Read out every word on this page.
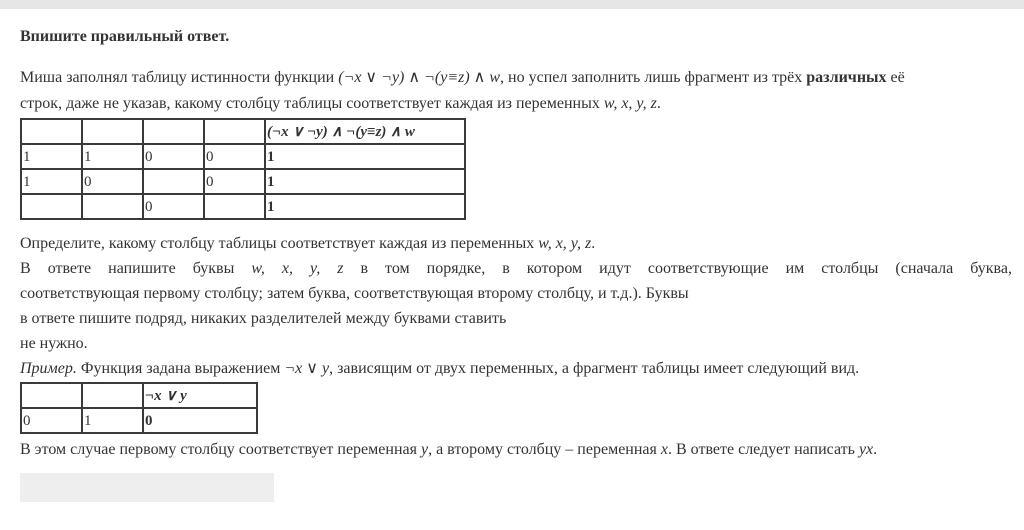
Впишите правильный ответ.
Миша заполнял таблицу истинности функции (¬x ∨ ¬y) ∧ ¬(y≡z) ∧ w, но успел заполнить лишь фрагмент из трёх различных её
строк, даже не указав, какому столбцу таблицы соответствует каждая из переменных w, x, y, z.
				(¬x ∨ ¬y) ∧ ¬(y≡z) ∧ w
1	1	0	0	1
1	0		0	1
		0		1
Определите, какому столбцу таблицы соответствует каждая из переменных w, x, y, z.
В ответе напишите буквы w, x, y, z в том порядке, в котором идут соответствующие им столбцы (сначала буква,
соответствующая первому столбцу; затем буква, соответствующая второму столбцу, и т.д.). Буквы
в ответе пишите подряд, никаких разделителей между буквами ставить
не нужно.
Пример. Функция задана выражением ¬x ∨ y, зависящим от двух переменных, а фрагмент таблицы имеет следующий вид.
		¬x ∨ y
0	1	0
В этом случае первому столбцу соответствует переменная y, а второму столбцу – переменная x. В ответе следует написать yx.
